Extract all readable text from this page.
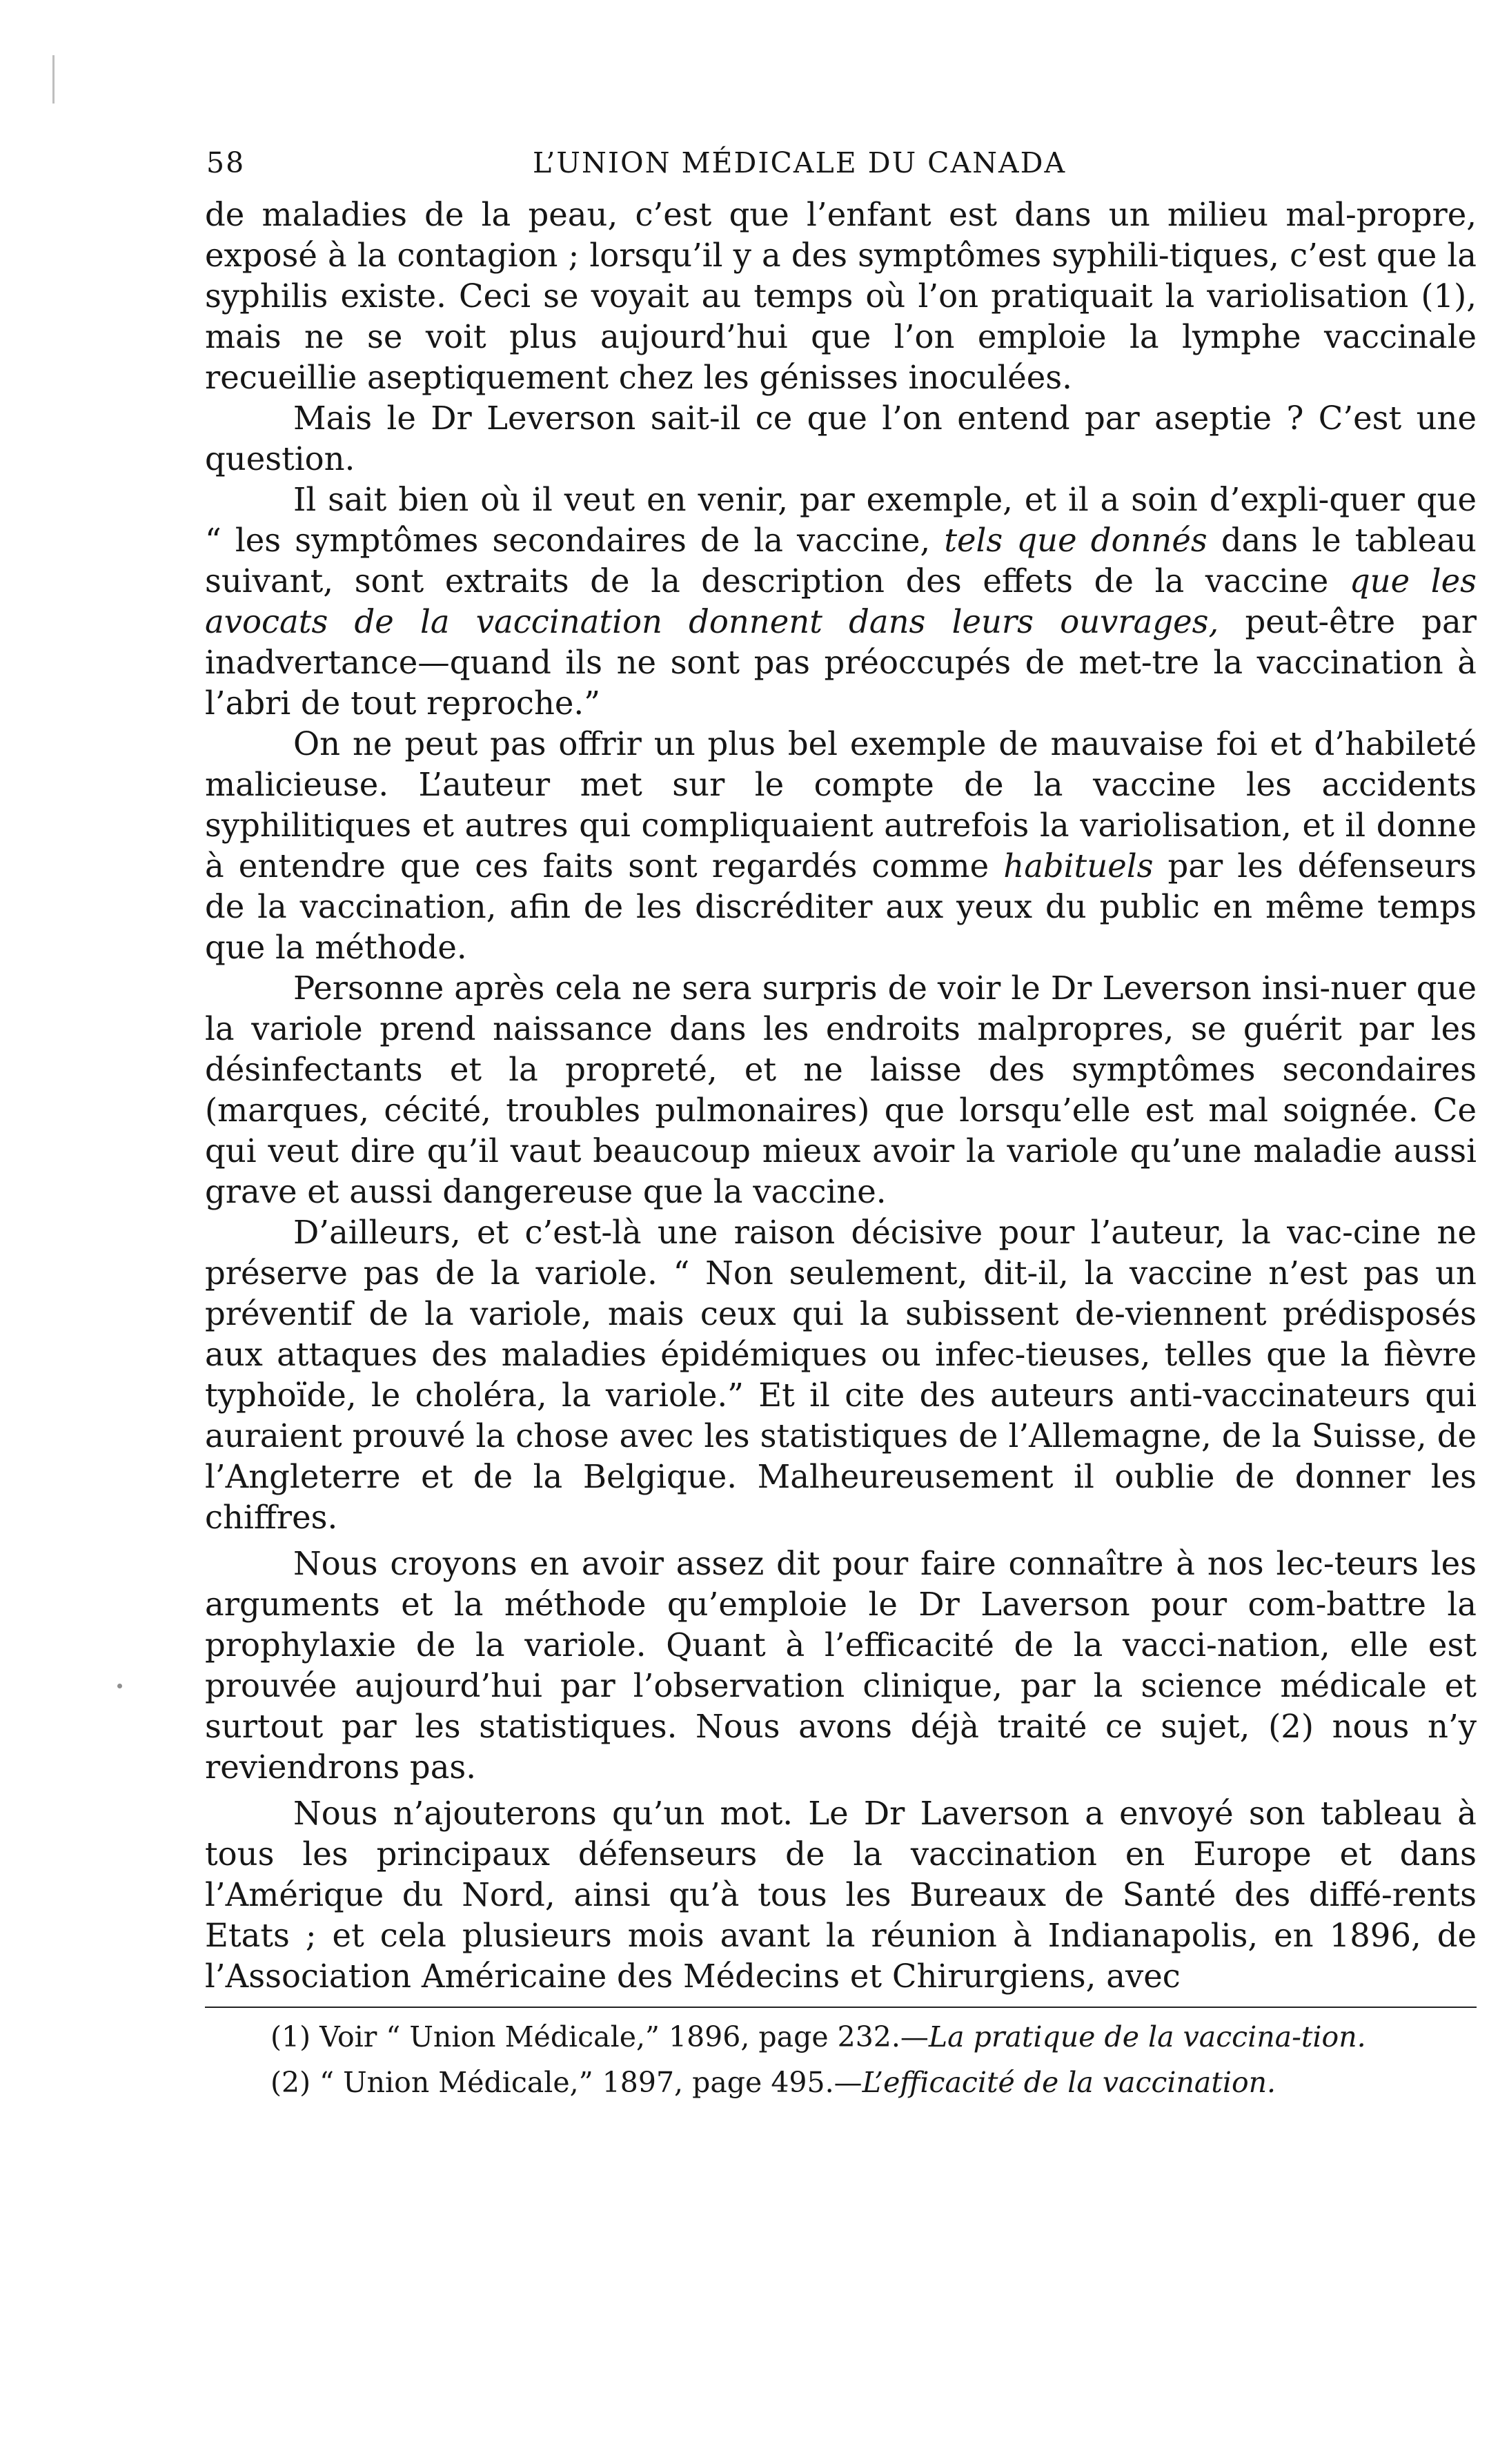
58	L’UNION MÉDICALE DU CANADA

de maladies de la peau, c’est que l’enfant est dans un milieu mal-propre, exposé à la contagion ; lorsqu’il y a des symptômes syphili-tiques, c’est que la syphilis existe. Ceci se voyait au temps où l’on pratiquait la variolisation (1), mais ne se voit plus aujourd’hui que l’on emploie la lymphe vaccinale recueillie aseptiquement chez les génisses inoculées.

Mais le Dr Leverson sait-il ce que l’on entend par aseptie ? C’est une question.

Il sait bien où il veut en venir, par exemple, et il a soin d’expli-quer que “ les symptômes secondaires de la vaccine, tels que donnés dans le tableau suivant, sont extraits de la description des effets de la vaccine que les avocats de la vaccination donnent dans leurs ouvrages, peut-être par inadvertance—quand ils ne sont pas préoccupés de met-tre la vaccination à l’abri de tout reproche.”

On ne peut pas offrir un plus bel exemple de mauvaise foi et d’habileté malicieuse. L’auteur met sur le compte de la vaccine les accidents syphilitiques et autres qui compliquaient autrefois la variolisation, et il donne à entendre que ces faits sont regardés comme habituels par les défenseurs de la vaccination, afin de les discréditer aux yeux du public en même temps que la méthode.

Personne après cela ne sera surpris de voir le Dr Leverson insi-nuer que la variole prend naissance dans les endroits malpropres, se guérit par les désinfectants et la propreté, et ne laisse des symptômes secondaires (marques, cécité, troubles pulmonaires) que lorsqu’elle est mal soignée. Ce qui veut dire qu’il vaut beaucoup mieux avoir la variole qu’une maladie aussi grave et aussi dangereuse que la vaccine.

D’ailleurs, et c’est-là une raison décisive pour l’auteur, la vac-cine ne préserve pas de la variole. “ Non seulement, dit-il, la vaccine n’est pas un préventif de la variole, mais ceux qui la subissent de-viennent prédisposés aux attaques des maladies épidémiques ou infec-tieuses, telles que la fièvre typhoïde, le choléra, la variole.” Et il cite des auteurs anti-vaccinateurs qui auraient prouvé la chose avec les statistiques de l’Allemagne, de la Suisse, de l’Angleterre et de la Belgique. Malheureusement il oublie de donner les chiffres.

Nous croyons en avoir assez dit pour faire connaître à nos lec-teurs les arguments et la méthode qu’emploie le Dr Laverson pour com-battre la prophylaxie de la variole. Quant à l’efficacité de la vacci-nation, elle est prouvée aujourd’hui par l’observation clinique, par la science médicale et surtout par les statistiques. Nous avons déjà traité ce sujet, (2) nous n’y reviendrons pas.

Nous n’ajouterons qu’un mot. Le Dr Laverson a envoyé son tableau à tous les principaux défenseurs de la vaccination en Europe et dans l’Amérique du Nord, ainsi qu’à tous les Bureaux de Santé des diffé-rents Etats ; et cela plusieurs mois avant la réunion à Indianapolis, en 1896, de l’Association Américaine des Médecins et Chirurgiens, avec

(1) Voir “ Union Médicale,” 1896, page 232.—La pratique de la vaccina-tion.

(2) “ Union Médicale,” 1897, page 495.—L’efficacité de la vaccination.
